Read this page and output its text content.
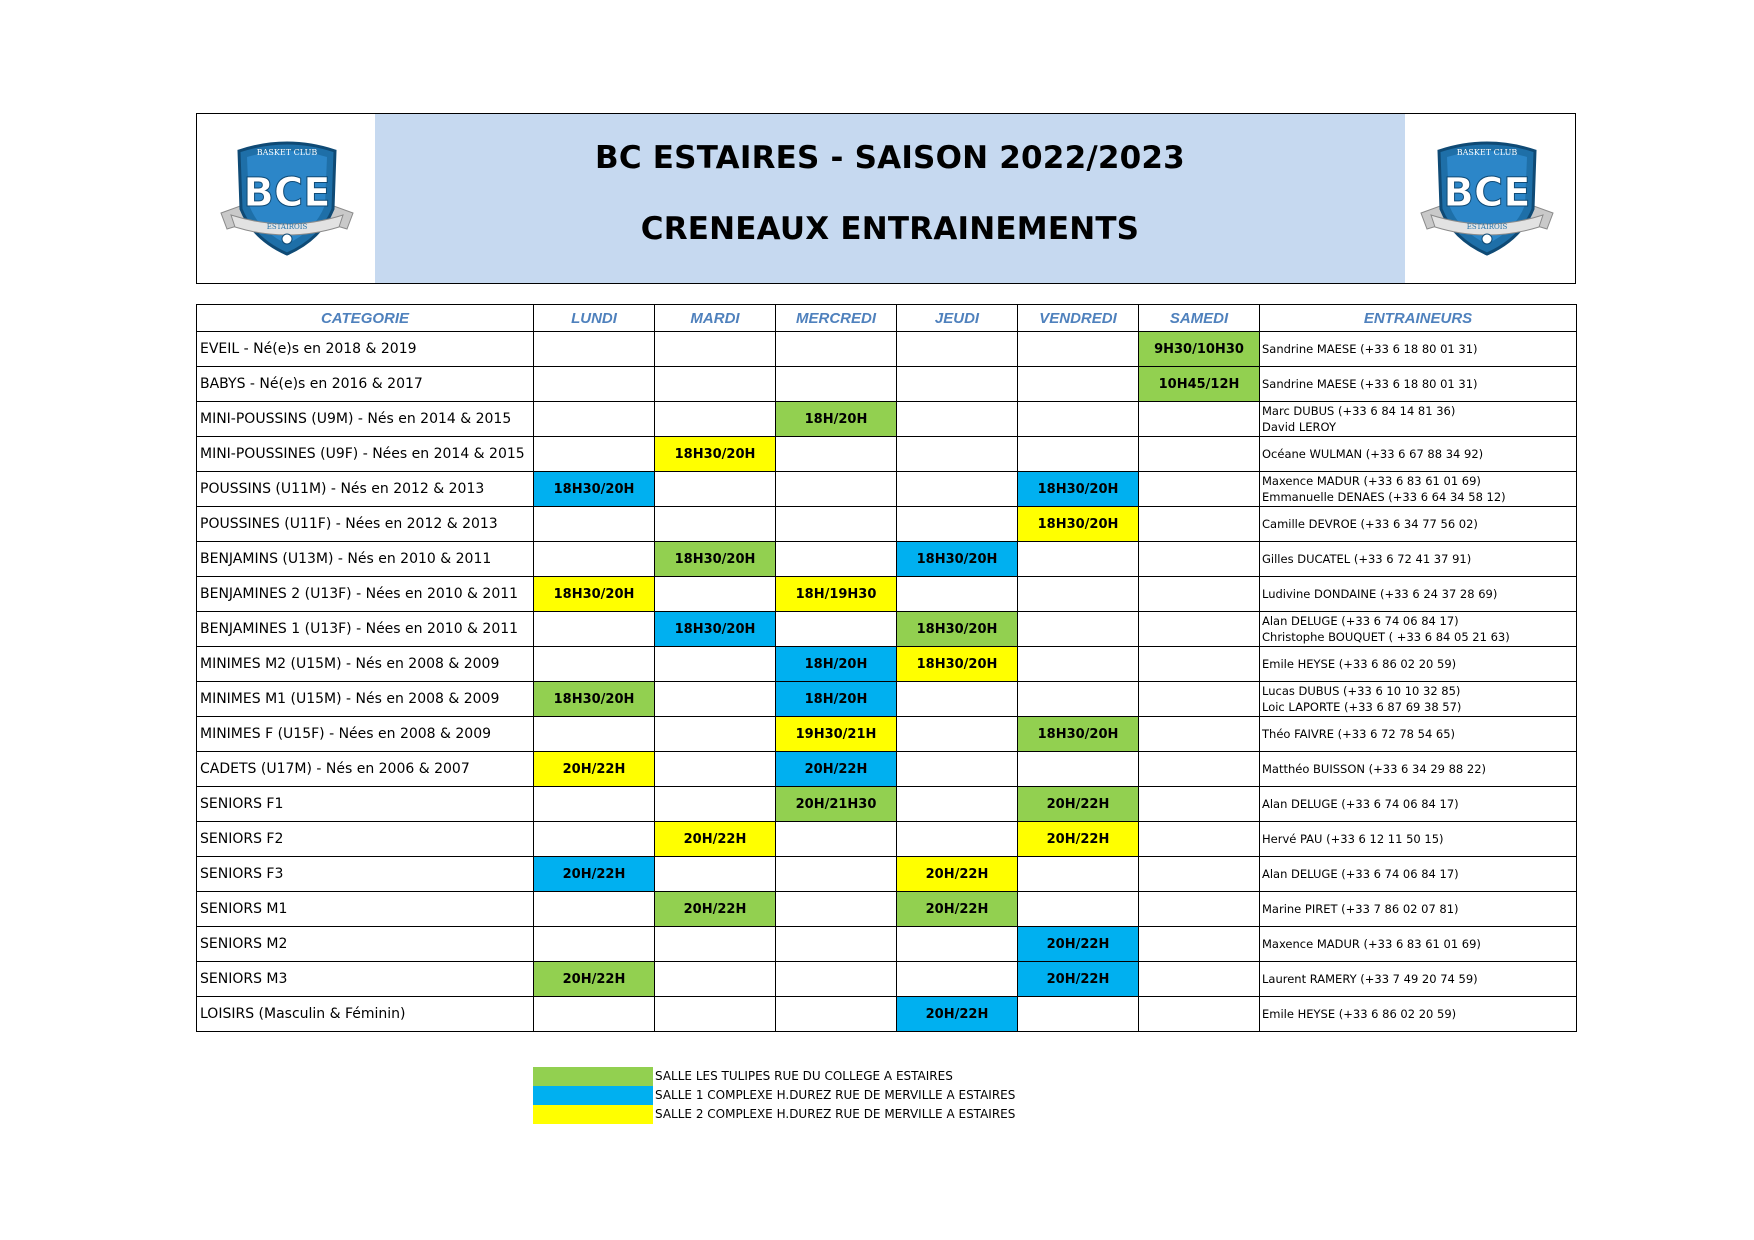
BC ESTAIRES - SAISON 2022/2023
CRENEAUX ENTRAINEMENTS
BASKET CLUB
BCE
ESTAIROIS
BASKET CLUB
BCE
ESTAIROIS
CATEGORIE	LUNDI	MARDI	MERCREDI	JEUDI	VENDREDI	SAMEDI	ENTRAINEURS
EVEIL - Né(e)s en 2018 & 2019						9H30/10H30	Sandrine MAESE (+33 6 18 80 01 31)

BABYS - Né(e)s en 2016 & 2017						10H45/12H	Sandrine MAESE (+33 6 18 80 01 31)

MINI-POUSSINS (U9M) - Nés en 2014 & 2015			18H/20H				Marc DUBUS (+33 6 84 14 81 36)
David LEROY

MINI-POUSSINES (U9F) - Nées en 2014 & 2015		18H30/20H					Océane WULMAN (+33 6 67 88 34 92)

POUSSINS (U11M) - Nés en 2012 & 2013	18H30/20H				18H30/20H		Maxence MADUR (+33 6 83 61 01 69)
Emmanuelle DENAES (+33 6 64 34 58 12)

POUSSINES (U11F) - Nées en 2012 & 2013					18H30/20H		Camille DEVROE (+33 6 34 77 56 02)

BENJAMINS (U13M) - Nés en 2010 & 2011		18H30/20H		18H30/20H			Gilles DUCATEL (+33 6 72 41 37 91)

BENJAMINES 2 (U13F) - Nées en 2010 & 2011	18H30/20H		18H/19H30				Ludivine DONDAINE (+33 6 24 37 28 69)

BENJAMINES 1 (U13F) - Nées en 2010 & 2011		18H30/20H		18H30/20H			Alan DELUGE (+33 6 74 06 84 17)
Christophe BOUQUET ( +33 6 84 05 21 63)

MINIMES M2 (U15M) - Nés en 2008 & 2009			18H/20H	18H30/20H			Emile HEYSE (+33 6 86 02 20 59)

MINIMES M1 (U15M) - Nés en 2008 & 2009	18H30/20H		18H/20H				Lucas DUBUS (+33 6 10 10 32 85)
Loic LAPORTE (+33 6 87 69 38 57)

MINIMES F (U15F) - Nées en 2008 & 2009			19H30/21H		18H30/20H		Théo FAIVRE (+33 6 72 78 54 65)

CADETS (U17M) - Nés en 2006 & 2007	20H/22H		20H/22H				Matthéo BUISSON (+33 6 34 29 88 22)

SENIORS F1			20H/21H30		20H/22H		Alan DELUGE (+33 6 74 06 84 17)

SENIORS F2		20H/22H			20H/22H		Hervé PAU (+33 6 12 11 50 15)

SENIORS F3	20H/22H			20H/22H			Alan DELUGE (+33 6 74 06 84 17)

SENIORS M1		20H/22H		20H/22H			Marine PIRET (+33 7 86 02 07 81)

SENIORS M2					20H/22H		Maxence MADUR (+33 6 83 61 01 69)

SENIORS M3	20H/22H				20H/22H		Laurent RAMERY (+33 7 49 20 74 59)

LOISIRS (Masculin & Féminin)				20H/22H			Emile HEYSE (+33 6 86 02 20 59)
SALLE LES TULIPES RUE DU COLLEGE A ESTAIRES
SALLE 1 COMPLEXE H.DUREZ RUE DE MERVILLE A ESTAIRES
SALLE 2 COMPLEXE H.DUREZ RUE DE MERVILLE A ESTAIRES
